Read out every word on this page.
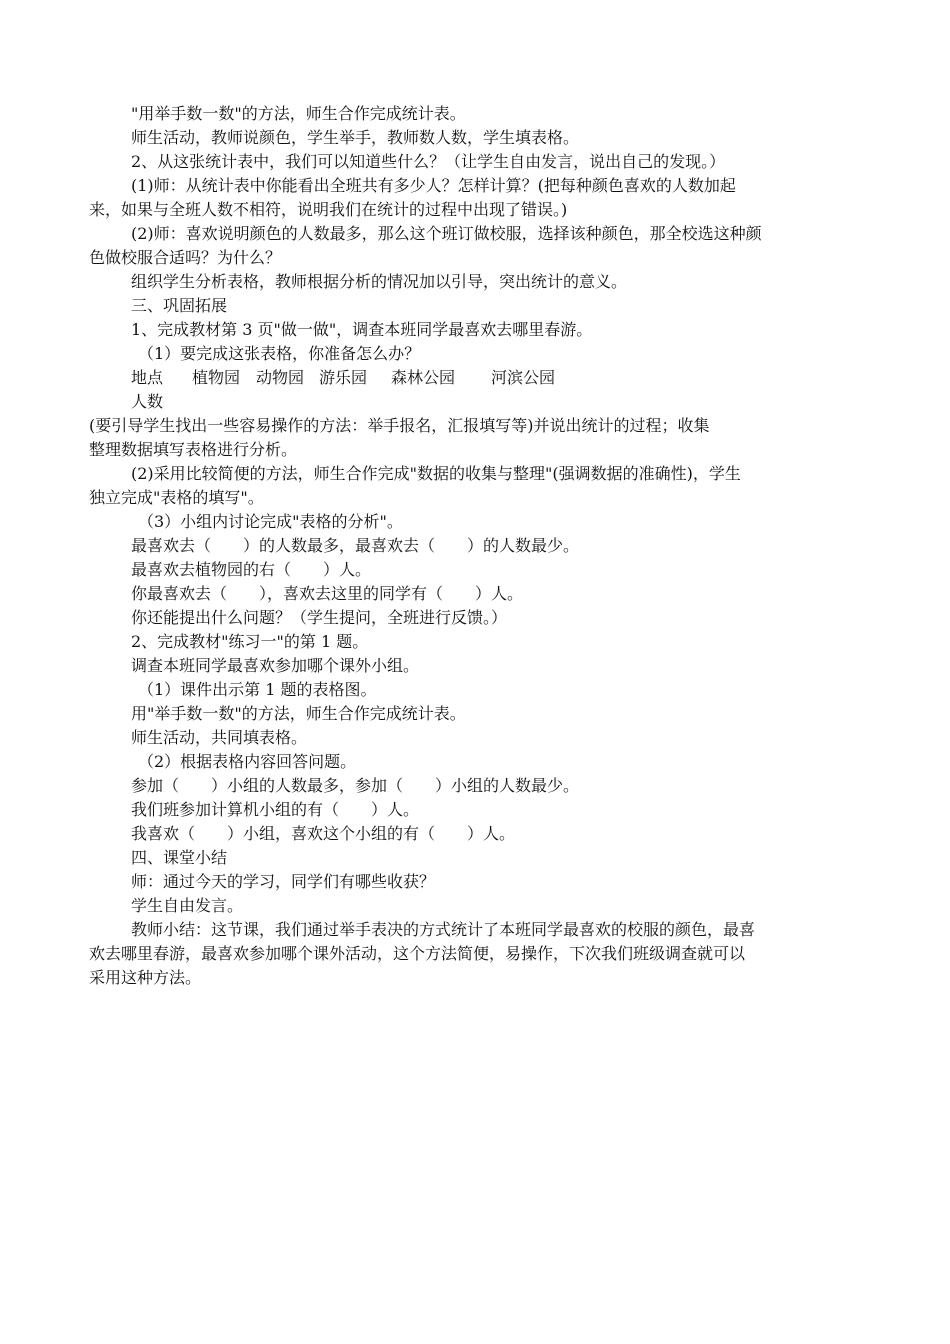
"用举手数一数"的方法，师生合作完成统计表。
师生活动，教师说颜色，学生举手，教师数人数，学生填表格。
2、从这张统计表中，我们可以知道些什么？（让学生自由发言，说出自己的发现。）
(1)师：从统计表中你能看出全班共有多少人？怎样计算？(把每种颜色喜欢的人数加起
来，如果与全班人数不相符，说明我们在统计的过程中出现了错误。)
(2)师：喜欢说明颜色的人数最多，那么这个班订做校服，选择该种颜色，那全校选这种颜
色做校服合适吗？为什么？
组织学生分析表格，教师根据分析的情况加以引导，突出统计的意义。
三、巩固拓展
1、完成教材第 3 页"做一做"，调查本班同学最喜欢去哪里春游。
（1）要完成这张表格，你准备怎么办？
地点 植物园 动物园 游乐园 森林公园 河滨公园
人数
(要引导学生找出一些容易操作的方法：举手报名，汇报填写等)并说出统计的过程；收集
整理数据填写表格进行分析。
(2)采用比较简便的方法，师生合作完成"数据的收集与整理"(强调数据的准确性)，学生
独立完成"表格的填写"。
（3）小组内讨论完成"表格的分析"。
最喜欢去（　　）的人数最多，最喜欢去（　　）的人数最少。
最喜欢去植物园的右（　　）人。
你最喜欢去（　　），喜欢去这里的同学有（　　）人。
你还能提出什么问题？（学生提问，全班进行反馈。）
2、完成教材"练习一"的第 1 题。
调查本班同学最喜欢参加哪个课外小组。
（1）课件出示第 1 题的表格图。
用"举手数一数"的方法，师生合作完成统计表。
师生活动，共同填表格。
（2）根据表格内容回答问题。
参加（　　）小组的人数最多，参加（　　）小组的人数最少。
我们班参加计算机小组的有（　　）人。
我喜欢（　　）小组，喜欢这个小组的有（　　）人。
四、课堂小结
师：通过今天的学习，同学们有哪些收获？
学生自由发言。
教师小结：这节课，我们通过举手表决的方式统计了本班同学最喜欢的校服的颜色，最喜
欢去哪里春游，最喜欢参加哪个课外活动，这个方法简便，易操作，下次我们班级调查就可以
采用这种方法。
